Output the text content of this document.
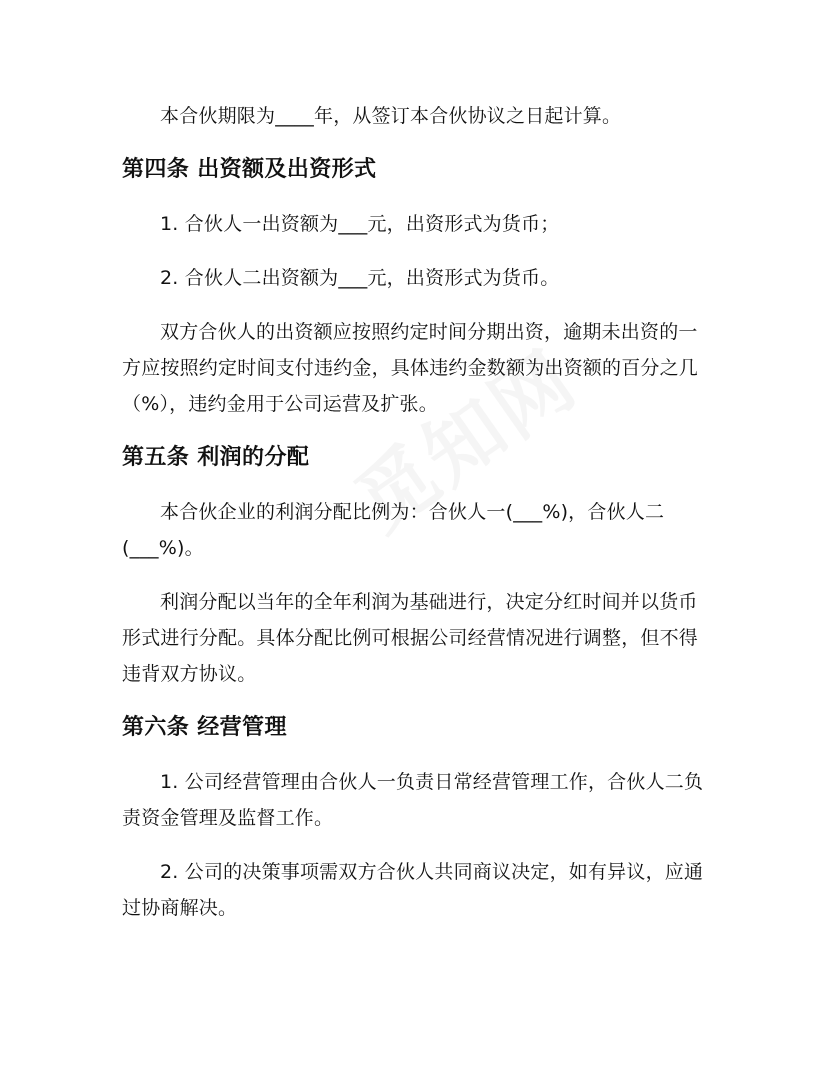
本合伙期限为____年，从签订本合伙协议之日起计算。

第四条 出资额及出资形式

1. 合伙人一出资额为___元，出资形式为货币；

2. 合伙人二出资额为___元，出资形式为货币。

双方合伙人的出资额应按照约定时间分期出资，逾期未出资的一方应按照约定时间支付违约金，具体违约金数额为出资额的百分之几（%），违约金用于公司运营及扩张。

第五条 利润的分配

本合伙企业的利润分配比例为：合伙人一(___%)，合伙人二(___%)。

利润分配以当年的全年利润为基础进行，决定分红时间并以货币形式进行分配。具体分配比例可根据公司经营情况进行调整，但不得违背双方协议。

第六条 经营管理

1. 公司经营管理由合伙人一负责日常经营管理工作，合伙人二负责资金管理及监督工作。

2. 公司的决策事项需双方合伙人共同商议决定，如有异议，应通过协商解决。
